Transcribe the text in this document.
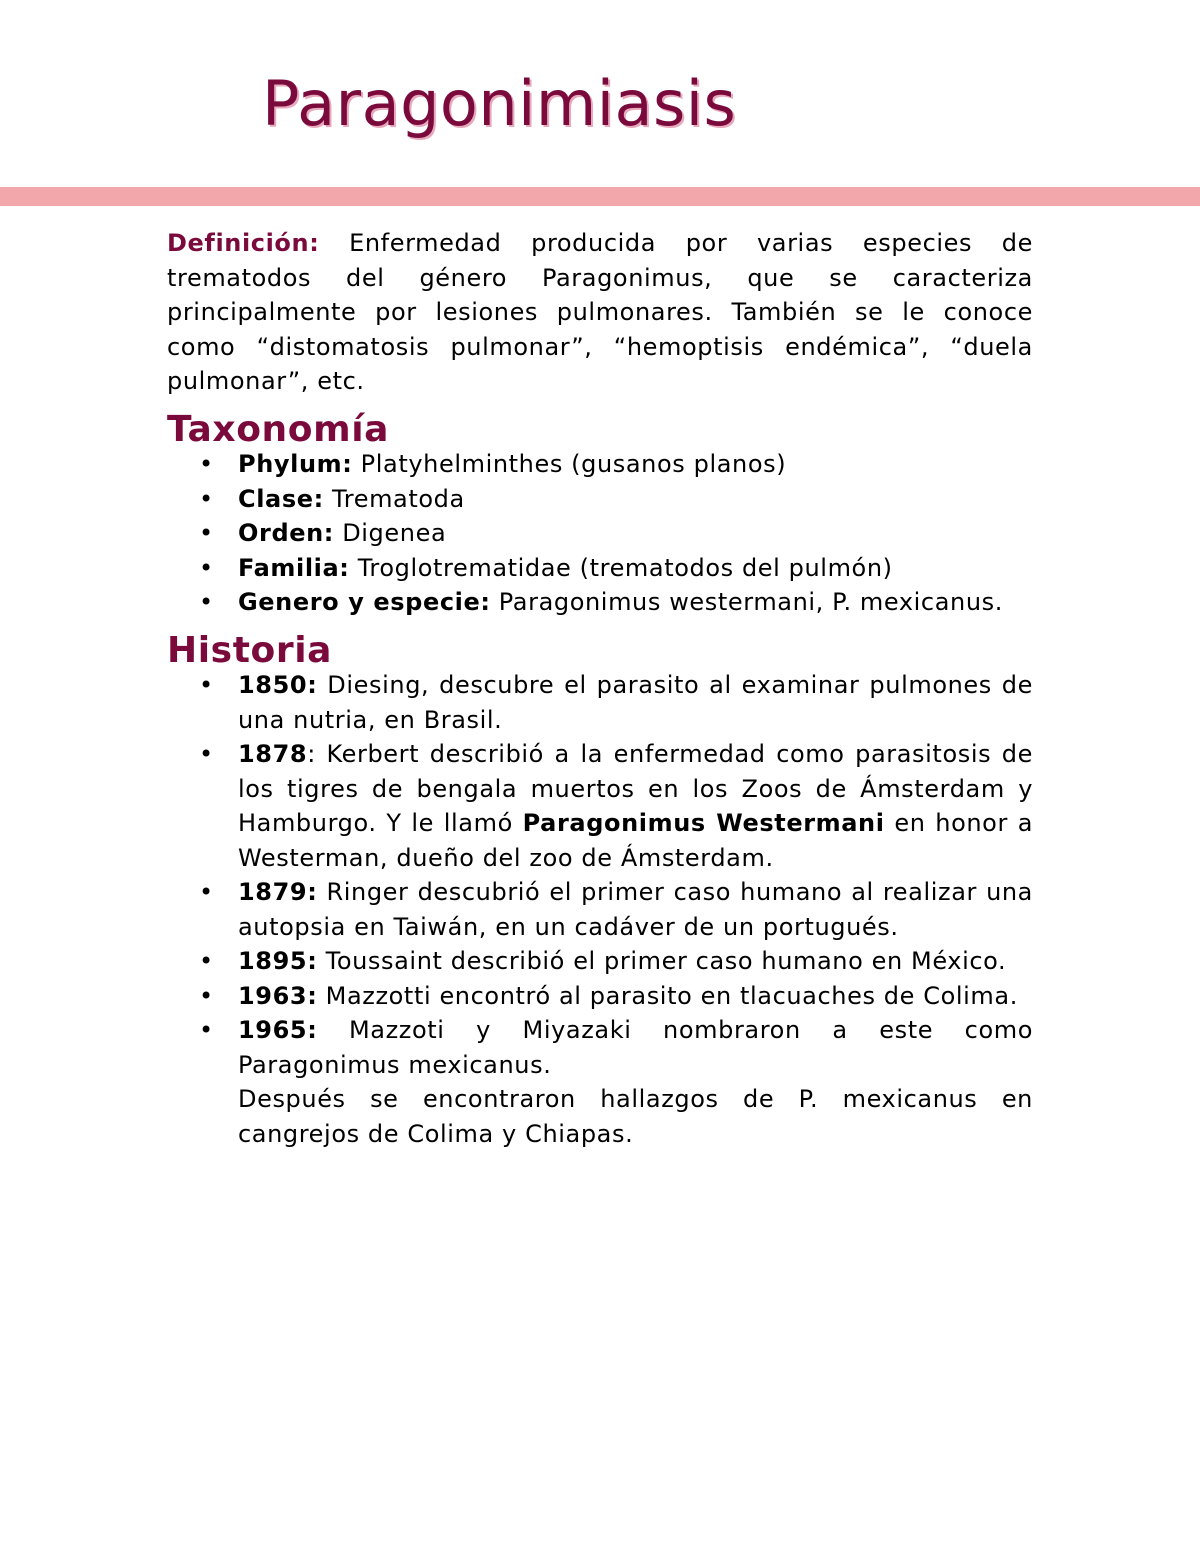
Paragonimiasis

Definición: Enfermedad producida por varias especies de trematodos del género Paragonimus, que se caracteriza principalmente por lesiones pulmonares. También se le conoce como “distomatosis pulmonar”, “hemoptisis endémica”, “duela pulmonar”, etc.

Taxonomía
• Phylum: Platyhelminthes (gusanos planos)
• Clase: Trematoda
• Orden: Digenea
• Familia: Troglotrematidae (trematodos del pulmón)
• Genero y especie: Paragonimus westermani, P. mexicanus.
Historia
• 1850: Diesing, descubre el parasito al examinar pulmones de una nutria, en Brasil.
• 1878: Kerbert describió a la enfermedad como parasitosis de los tigres de bengala muertos en los Zoos de Ámsterdam y Hamburgo. Y le llamó Paragonimus Westermani en honor a Westerman, dueño del zoo de Ámsterdam.
• 1879: Ringer descubrió el primer caso humano al realizar una autopsia en Taiwán, en un cadáver de un portugués.
• 1895: Toussaint describió el primer caso humano en México.
• 1963: Mazzotti encontró al parasito en tlacuaches de Colima.
• 1965: Mazzoti y Miyazaki nombraron a este como Paragonimus mexicanus.
Después se encontraron hallazgos de P. mexicanus en cangrejos de Colima y Chiapas.
